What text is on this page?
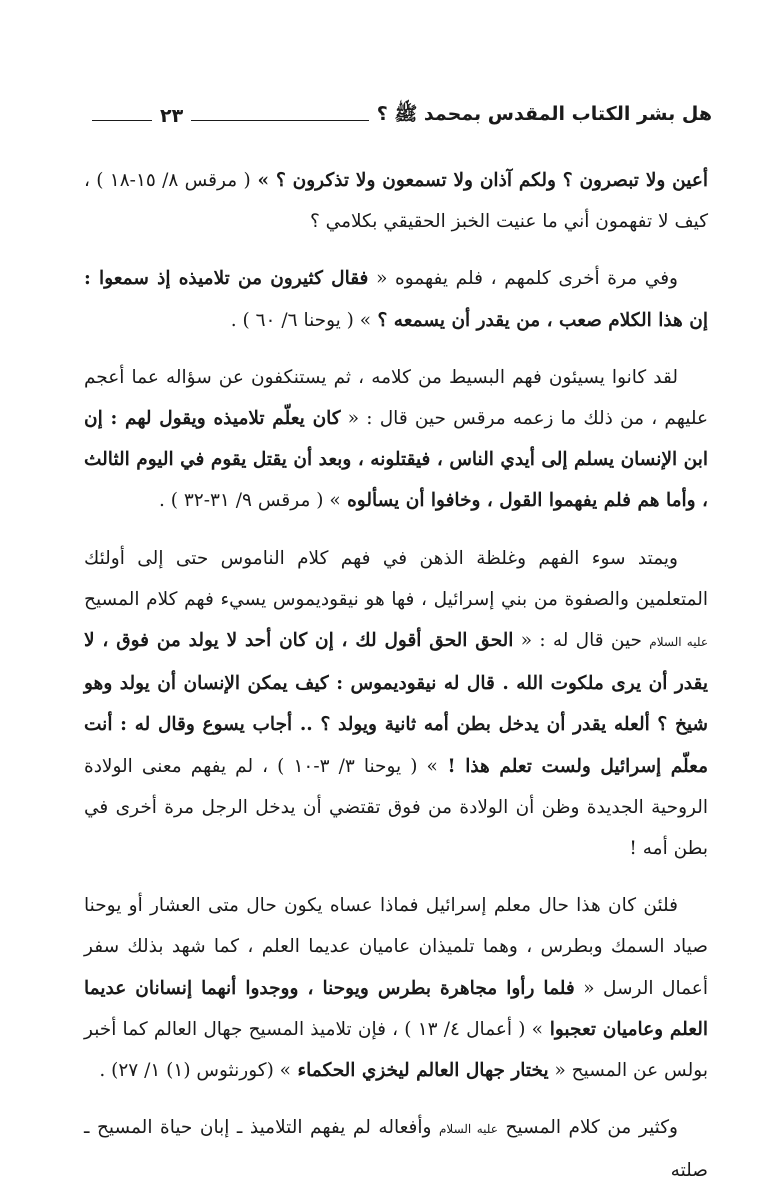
هل بشر الكتاب المقدس بمحمد ﷺ ؟
٢٣

أعين ولا تبصرون ؟ ولكم آذان ولا تسمعون ولا تذكرون ؟ » ( مرقس ٨/ ١٥-١٨ ) ، كيف لا تفهمون أني ما عنيت الخبز الحقيقي بكلامي ؟

وفي مرة أخرى كلمهم ، فلم يفهموه « فقال كثيرون من تلاميذه إذ سمعوا : إن هذا الكلام صعب ، من يقدر أن يسمعه ؟ » ( يوحنا ٦/ ٦٠ ) .

لقد كانوا يسيئون فهم البسيط من كلامه ، ثم يستنكفون عن سؤاله عما أعجم عليهم ، من ذلك ما زعمه مرقس حين قال : « كان يعلّم تلاميذه ويقول لهم : إن ابن الإنسان يسلم إلى أيدي الناس ، فيقتلونه ، وبعد أن يقتل يقوم في اليوم الثالث ، وأما هم فلم يفهموا القول ، وخافوا أن يسألوه » ( مرقس ٩/ ٣١-٣٢ ) .

ويمتد سوء الفهم وغلظة الذهن في فهم كلام الناموس حتى إلى أولئك المتعلمين والصفوة من بني إسرائيل ، فها هو نيقوديموس يسيء فهم كلام المسيح عليه السلام حين قال له : « الحق الحق أقول لك ، إن كان أحد لا يولد من فوق ، لا يقدر أن يرى ملكوت الله . قال له نيقوديموس : كيف يمكن الإنسان أن يولد وهو شيخ ؟ ألعله يقدر أن يدخل بطن أمه ثانية ويولد ؟ .. أجاب يسوع وقال له : أنت معلّم إسرائيل ولست تعلم هذا ! » ( يوحنا ٣/ ٣-١٠ ) ، لم يفهم معنى الولادة الروحية الجديدة وظن أن الولادة من فوق تقتضي أن يدخل الرجل مرة أخرى في بطن أمه !

فلئن كان هذا حال معلم إسرائيل فماذا عساه يكون حال متى العشار أو يوحنا صياد السمك وبطرس ، وهما تلميذان عاميان عديما العلم ، كما شهد بذلك سفر أعمال الرسل « فلما رأوا مجاهرة بطرس ويوحنا ، ووجدوا أنهما إنسانان عديما العلم وعاميان تعجبوا » ( أعمال ٤/ ١٣ ) ، فإن تلاميذ المسيح جهال العالم كما أخبر بولس عن المسيح « يختار جهال العالم ليخزي الحكماء » (كورنثوس (١) ١/ ٢٧) .

وكثير من كلام المسيح عليه السلام وأفعاله لم يفهم التلاميذ ـ إبان حياة المسيح ـ صلته
